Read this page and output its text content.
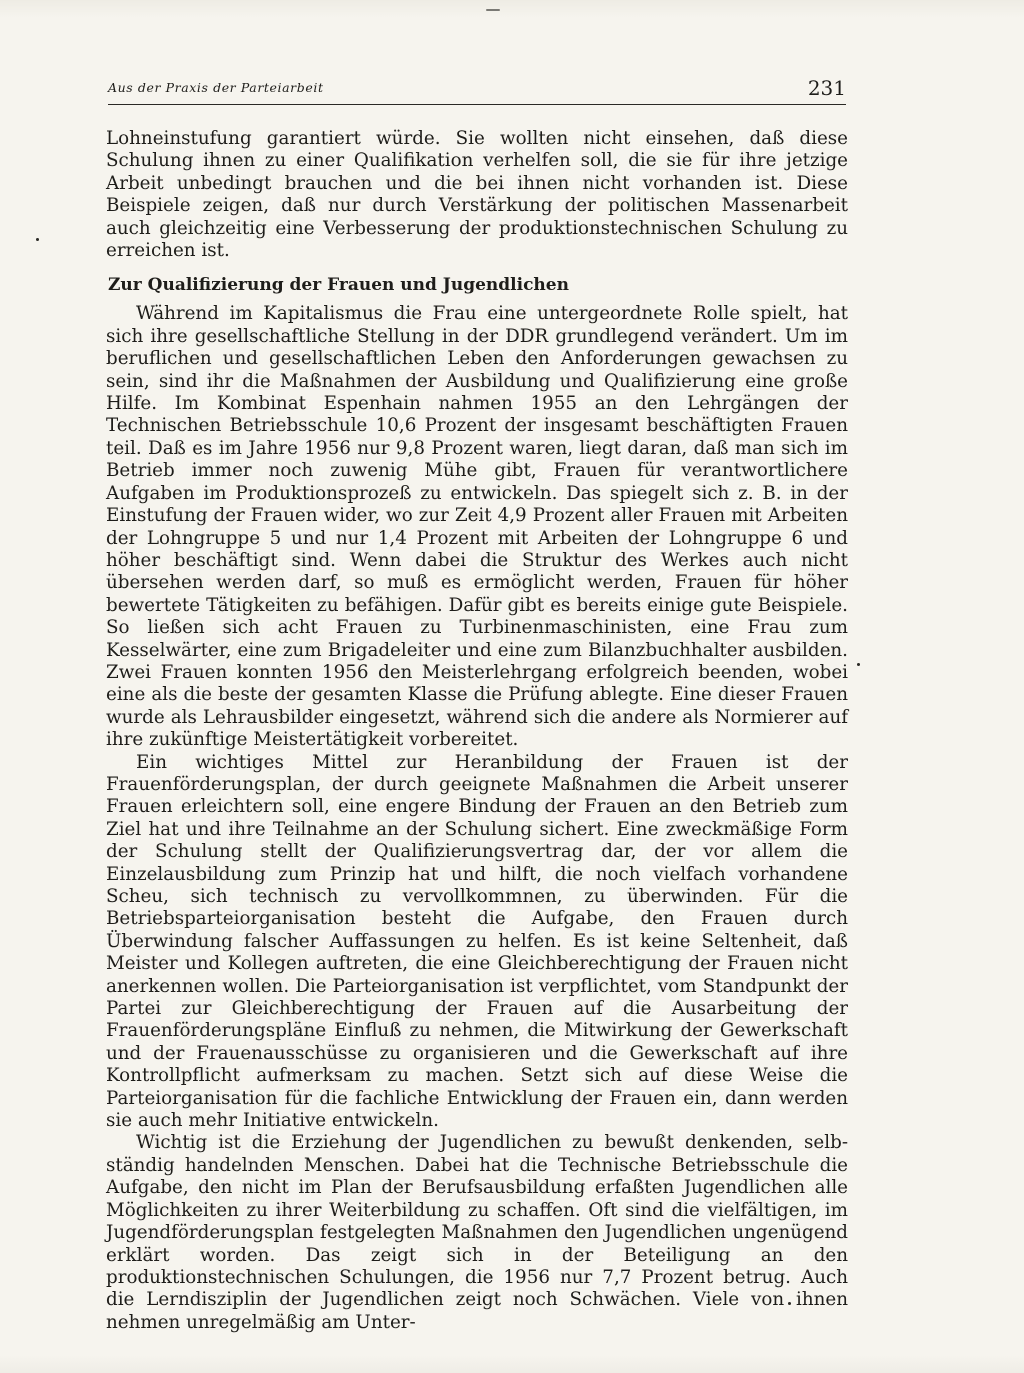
Aus der Praxis der Parteiarbeit	231

Lohneinstufung garantiert würde. Sie wollten nicht einsehen, daß diese Schulung ihnen zu einer Qualifikation verhelfen soll, die sie für ihre jetzige Arbeit unbedingt brauchen und die bei ihnen nicht vorhanden ist. Diese Beispiele zeigen, daß nur durch Verstärkung der politischen Massenarbeit auch gleichzeitig eine Verbesserung der produktionstechnischen Schulung zu erreichen ist.

Zur Qualifizierung der Frauen und Jugendlichen

Während im Kapitalismus die Frau eine untergeordnete Rolle spielt, hat sich ihre gesellschaftliche Stellung in der DDR grundlegend verändert. Um im beruflichen und gesellschaftlichen Leben den Anforderungen gewachsen zu sein, sind ihr die Maßnahmen der Ausbildung und Qualifizierung eine große Hilfe. Im Kombinat Espenhain nahmen 1955 an den Lehrgängen der Technischen Betriebsschule 10,6 Prozent der insgesamt beschäftigten Frauen teil. Daß es im Jahre 1956 nur 9,8 Prozent waren, liegt daran, daß man sich im Betrieb immer noch zuwenig Mühe gibt, Frauen für verantwortlichere Aufgaben im Produktionsprozeß zu entwickeln. Das spiegelt sich z. B. in der Einstufung der Frauen wider, wo zur Zeit 4,9 Prozent aller Frauen mit Arbeiten der Lohngruppe 5 und nur 1,4 Prozent mit Arbeiten der Lohngruppe 6 und höher beschäftigt sind. Wenn dabei die Struktur des Werkes auch nicht übersehen werden darf, so muß es ermöglicht werden, Frauen für höher bewertete Tätigkeiten zu befähigen. Dafür gibt es bereits einige gute Beispiele. So ließen sich acht Frauen zu Turbinenmaschinisten, eine Frau zum Kesselwärter, eine zum Brigadeleiter und eine zum Bilanzbuchhalter ausbilden. Zwei Frauen konnten 1956 den Meisterlehrgang erfolgreich beenden, wobei eine als die beste der gesamten Klasse die Prüfung ablegte. Eine dieser Frauen wurde als Lehrausbilder eingesetzt, während sich die andere als Normierer auf ihre zukünftige Meistertätigkeit vorbereitet.

Ein wichtiges Mittel zur Heranbildung der Frauen ist der Frauenförderungsplan, der durch geeignete Maßnahmen die Arbeit unserer Frauen erleichtern soll, eine engere Bindung der Frauen an den Betrieb zum Ziel hat und ihre Teilnahme an der Schulung sichert. Eine zweckmäßige Form der Schulung stellt der Qualifizierungsvertrag dar, der vor allem die Einzelausbildung zum Prinzip hat und hilft, die noch vielfach vorhandene Scheu, sich technisch zu vervollkommnen, zu überwinden. Für die Betriebsparteiorganisation besteht die Aufgabe, den Frauen durch Überwindung falscher Auffassungen zu helfen. Es ist keine Seltenheit, daß Meister und Kollegen auftreten, die eine Gleichberechtigung der Frauen nicht anerkennen wollen. Die Parteiorganisation ist verpflichtet, vom Standpunkt der Partei zur Gleichberechtigung der Frauen auf die Ausarbeitung der Frauenförderungspläne Einfluß zu nehmen, die Mitwirkung der Gewerkschaft und der Frauenausschüsse zu organisieren und die Gewerkschaft auf ihre Kontrollpflicht aufmerksam zu machen. Setzt sich auf diese Weise die Parteiorganisation für die fachliche Entwicklung der Frauen ein, dann werden sie auch mehr Initiative entwickeln.

Wichtig ist die Erziehung der Jugendlichen zu bewußt denkenden, selbständig handelnden Menschen. Dabei hat die Technische Betriebsschule die Aufgabe, den nicht im Plan der Berufsausbildung erfaßten Jugendlichen alle Möglichkeiten zu ihrer Weiterbildung zu schaffen. Oft sind die vielfältigen, im Jugendförderungsplan festgelegten Maßnahmen den Jugendlichen ungenügend erklärt worden. Das zeigt sich in der Beteiligung an den produktionstechnischen Schulungen, die 1956 nur 7,7 Prozent betrug. Auch die Lerndisziplin der Jugendlichen zeigt noch Schwächen. Viele von ihnen nehmen unregelmäßig am Unter-
